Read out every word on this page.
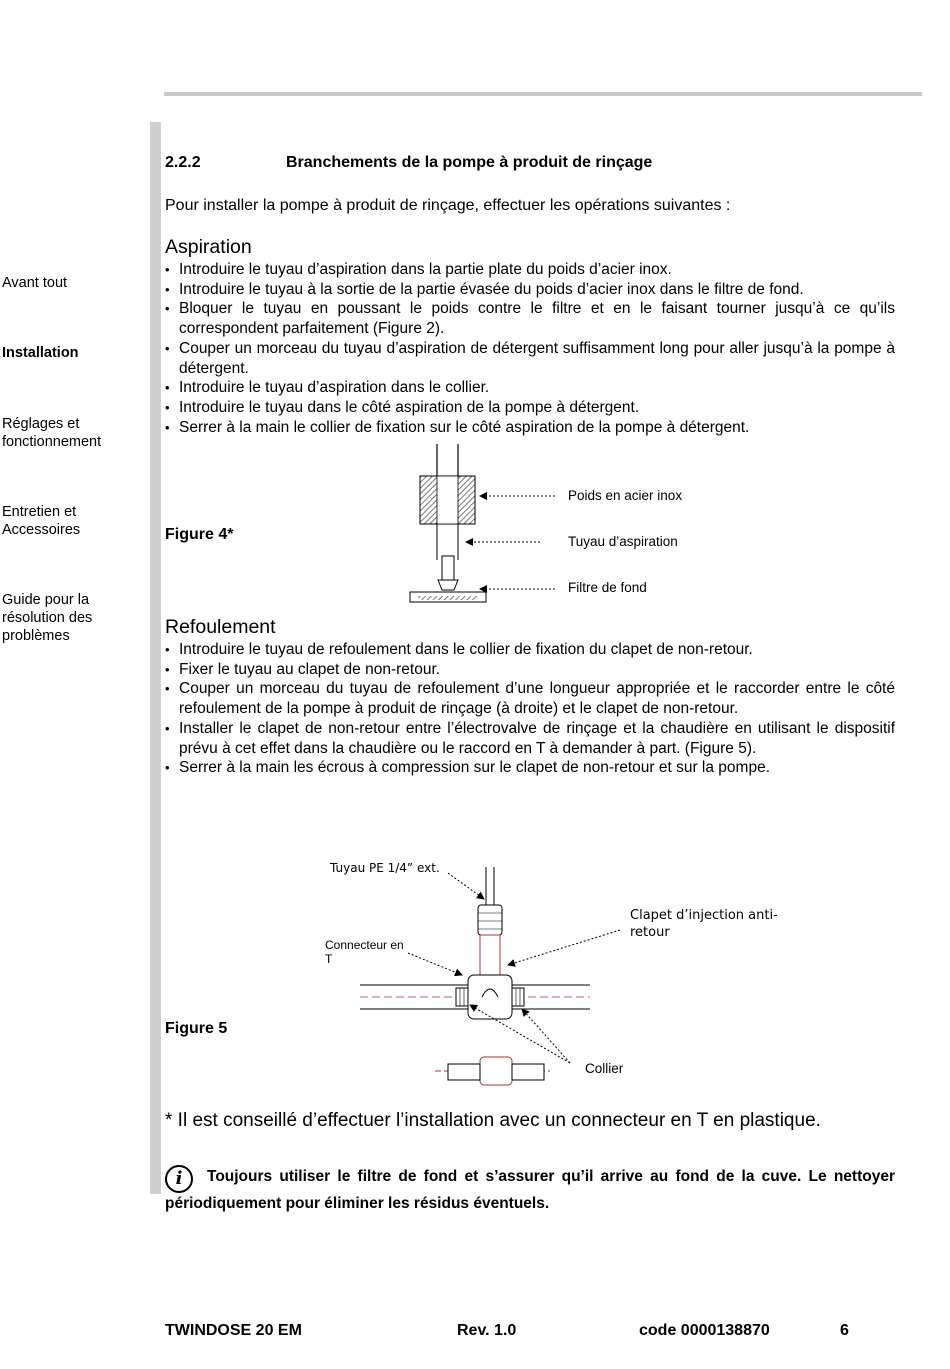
Avant tout
Installation
Réglages et
fonctionnement
Entretien et
Accessoires
Guide pour la
résolution des
problèmes
2.2.2	Branchements de la pompe à produit de rinçage
Pour installer la pompe à produit de rinçage, effectuer les opérations suivantes :
Aspiration
• Introduire le tuyau d’aspiration dans la partie plate du poids d’acier inox.
• Introduire le tuyau à la sortie de la partie évasée du poids d’acier inox dans le filtre de fond.
• Bloquer le tuyau en poussant le poids contre le filtre et en le faisant tourner jusqu’à ce qu’ils correspondent parfaitement (Figure 2).
• Couper un morceau du tuyau d’aspiration de détergent suffisamment long pour aller jusqu’à la pompe à détergent.
• Introduire le tuyau d’aspiration dans le collier.
• Introduire le tuyau dans le côté aspiration de la pompe à détergent.
• Serrer à la main le collier de fixation sur le côté aspiration de la pompe à détergent.
Figure 4*
Poids en acier inox
Tuyau d’aspiration
Filtre de fond
Refoulement
• Introduire le tuyau de refoulement dans le collier de fixation du clapet de non-retour.
• Fixer le tuyau au clapet de non-retour.
• Couper un morceau du tuyau de refoulement d’une longueur appropriée et le raccorder entre le côté refoulement de la pompe à produit de rinçage (à droite) et le clapet de non-retour.
• Installer le clapet de non-retour entre l’électrovalve de rinçage et la chaudière en utilisant le dispositif prévu à cet effet dans la chaudière ou le raccord en T à demander à part. (Figure 5).
• Serrer à la main les écrous à compression sur le clapet de non-retour et sur la pompe.
Figure 5
Tuyau PE 1/4” ext.
Clapet d’injection anti-retour
Connecteur en T
Collier
* Il est conseillé d’effectuer l’installation avec un connecteur en T en plastique.
i Toujours utiliser le filtre de fond et s’assurer qu’il arrive au fond de la cuve. Le nettoyer périodiquement pour éliminer les résidus éventuels.
TWINDOSE 20 EM	Rev. 1.0	code 0000138870	6
